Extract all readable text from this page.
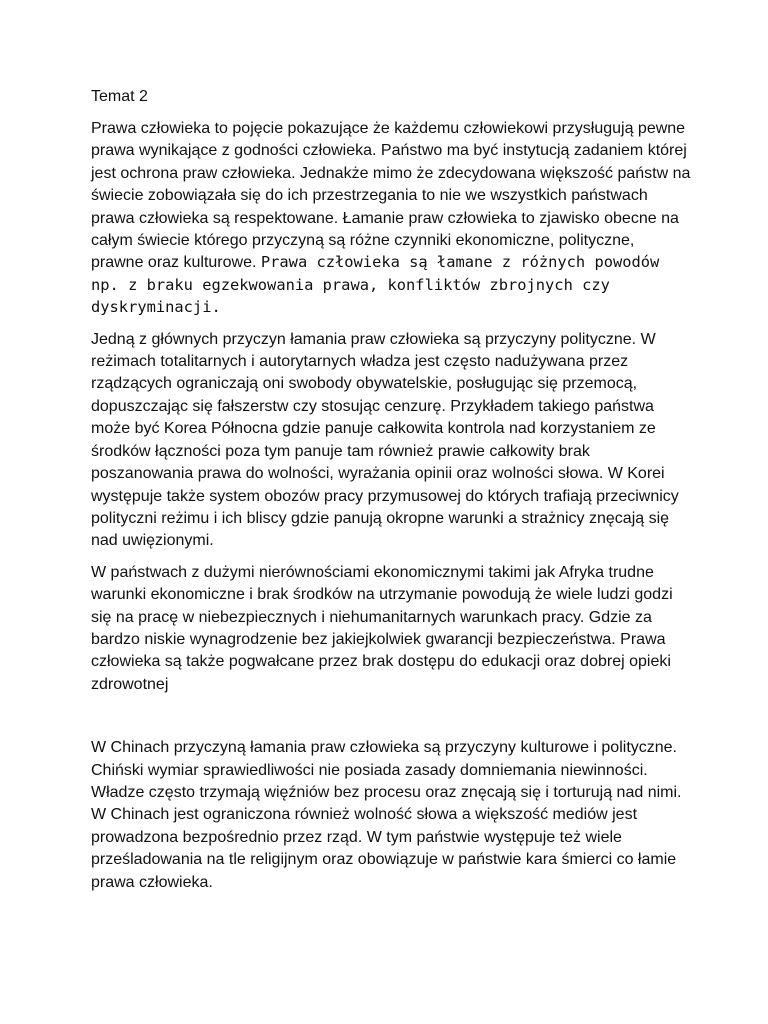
Temat 2

Prawa człowieka to pojęcie pokazujące że każdemu człowiekowi przysługują pewne prawa wynikające z godności człowieka. Państwo ma być instytucją zadaniem której jest ochrona praw człowieka. Jednakże mimo że zdecydowana większość państw na świecie zobowiązała się do ich przestrzegania to nie we wszystkich państwach prawa człowieka są respektowane. Łamanie praw człowieka to zjawisko obecne na całym świecie którego przyczyną są różne czynniki ekonomiczne, polityczne, prawne oraz kulturowe. Prawa człowieka są łamane z różnych powodów np. z braku egzekwowania prawa, konfliktów zbrojnych czy dyskryminacji.

Jedną z głównych przyczyn łamania praw człowieka są przyczyny polityczne. W reżimach totalitarnych i autorytarnych władza jest często nadużywana przez rządzących ograniczają oni swobody obywatelskie, posługując się przemocą, dopuszczając się fałszerstw czy stosując cenzurę. Przykładem takiego państwa może być Korea Północna gdzie panuje całkowita kontrola nad korzystaniem ze środków łączności poza tym panuje tam również prawie całkowity brak poszanowania prawa do wolności, wyrażania opinii oraz wolności słowa. W Korei występuje także system obozów pracy przymusowej do których trafiają przeciwnicy polityczni reżimu i ich bliscy gdzie panują okropne warunki a strażnicy znęcają się nad uwięzionymi.

W państwach z dużymi nierównościami ekonomicznymi takimi jak Afryka trudne warunki ekonomiczne i brak środków na utrzymanie powodują że wiele ludzi godzi się na pracę w niebezpiecznych i niehumanitarnych warunkach pracy. Gdzie za bardzo niskie wynagrodzenie bez jakiejkolwiek gwarancji bezpieczeństwa. Prawa człowieka są także pogwałcane przez brak dostępu do edukacji oraz dobrej opieki zdrowotnej

W Chinach przyczyną łamania praw człowieka są przyczyny kulturowe i polityczne. Chiński wymiar sprawiedliwości nie posiada zasady domniemania niewinności. Władze często trzymają więźniów bez procesu oraz znęcają się i torturują nad nimi. W Chinach jest ograniczona również wolność słowa a większość mediów jest prowadzona bezpośrednio przez rząd. W tym państwie występuje też wiele prześladowania na tle religijnym oraz obowiązuje w państwie kara śmierci co łamie prawa człowieka.
